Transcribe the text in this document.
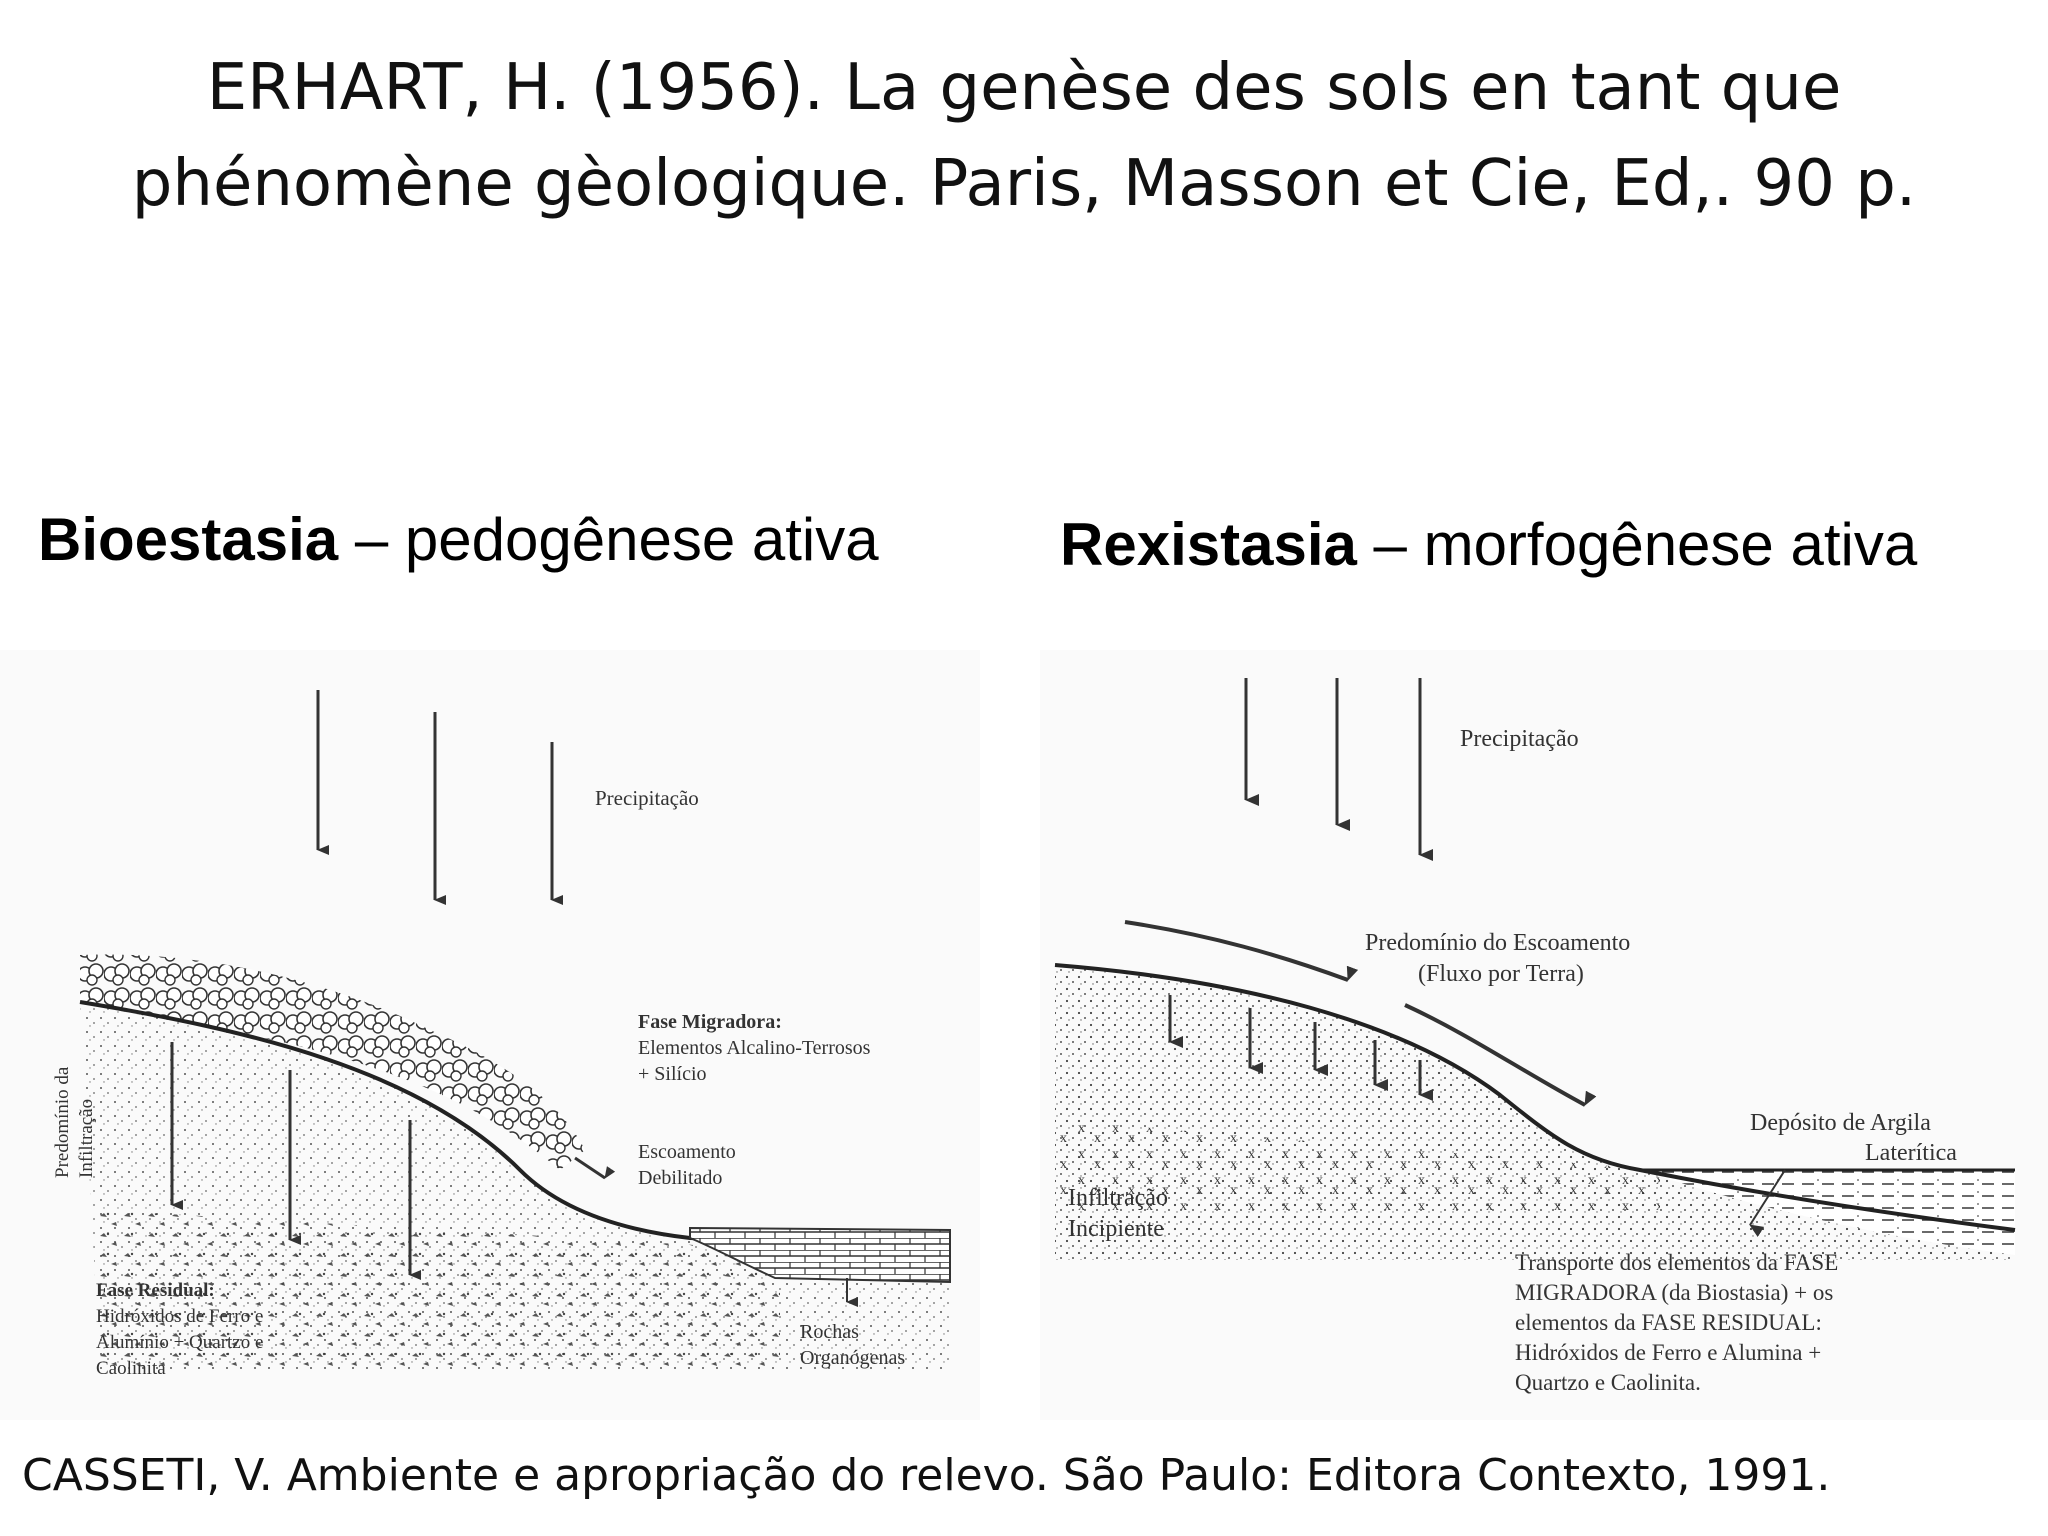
ERHART, H. (1956). La genèse des sols en tant que
phénomène gèologique. Paris, Masson et Cie, Ed,. 90 p.
Bioestasia – pedogênese ativa	Rexistasia – morfogênese ativa
Precipitação
Predomínio da Infiltração
Fase Migradora:
Elementos Alcalino-Terrosos
+ Silício
Escoamento
Debilitado
Fase Residual:
Hidróxidos de Ferro e
Alumínio + Quartzo e
Caolinita
Rochas
Organógenas
Precipitação
Predomínio do Escoamento
(Fluxo por Terra)
Depósito de Argila
Laterítica
Infiltração
Incipiente
Transporte dos elementos da FASE
MIGRADORA (da Biostasia) + os
elementos da FASE RESIDUAL:
Hidróxidos de Ferro e Alumina +
Quartzo e Caolinita.
CASSETI, V. Ambiente e apropriação do relevo. São Paulo: Editora Contexto, 1991.
